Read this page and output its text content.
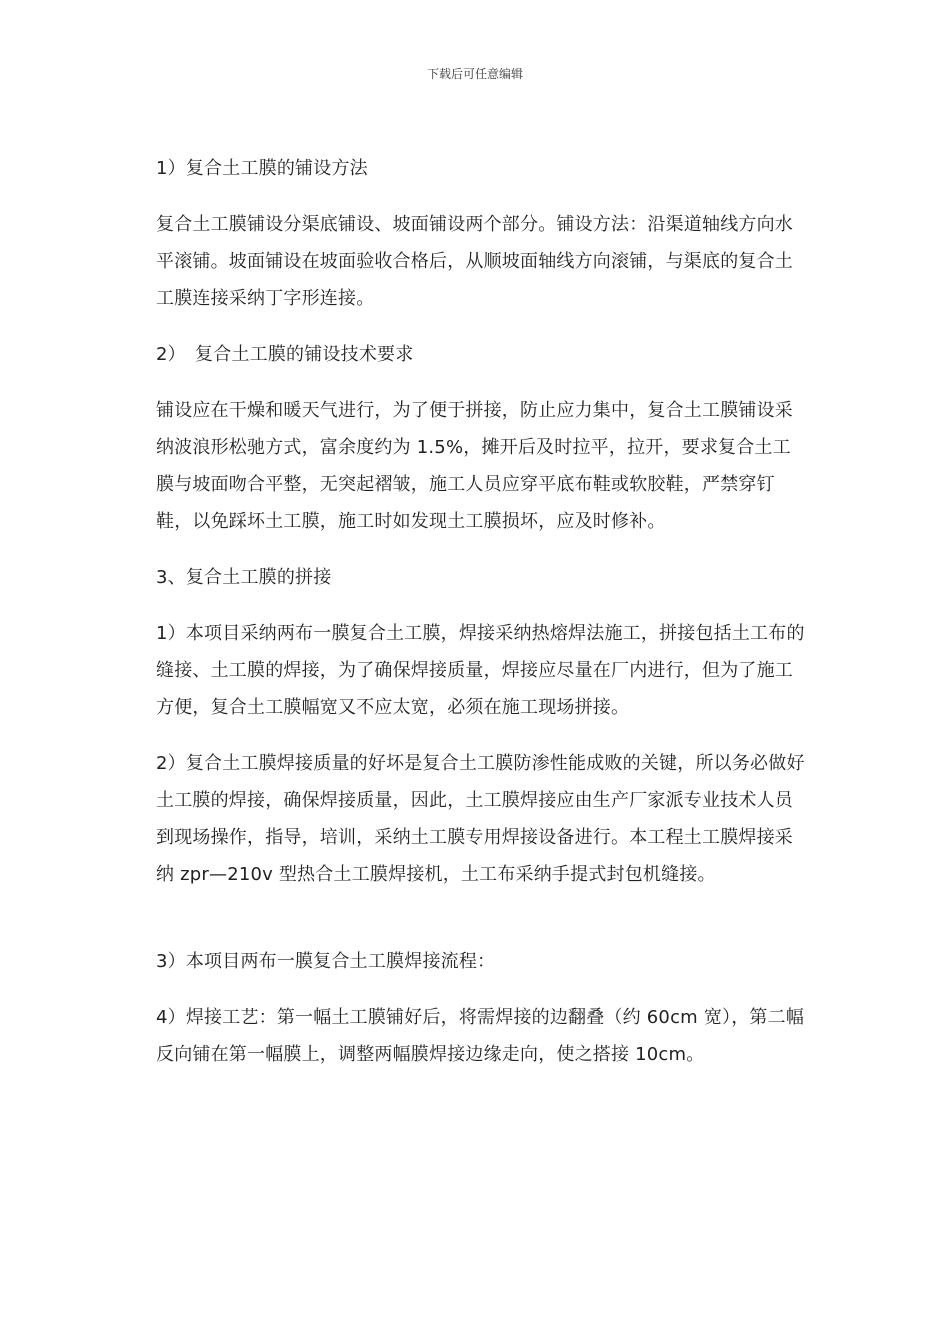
下载后可任意编辑

1）复合土工膜的铺设方法

复合土工膜铺设分渠底铺设、坡面铺设两个部分。铺设方法：沿渠道轴线方向水平滚铺。坡面铺设在坡面验收合格后，从顺坡面轴线方向滚铺，与渠底的复合土工膜连接采纳丁字形连接。

2）　复合土工膜的铺设技术要求

铺设应在干燥和暖天气进行，为了便于拼接，防止应力集中，复合土工膜铺设采纳波浪形松驰方式，富余度约为 1.5%，摊开后及时拉平，拉开，要求复合土工膜与坡面吻合平整，无突起褶皱，施工人员应穿平底布鞋或软胶鞋，严禁穿钉鞋，以免踩坏土工膜，施工时如发现土工膜损坏，应及时修补。

3、复合土工膜的拼接

1）本项目采纳两布一膜复合土工膜，焊接采纳热熔焊法施工，拼接包括土工布的缝接、土工膜的焊接，为了确保焊接质量，焊接应尽量在厂内进行，但为了施工方便，复合土工膜幅宽又不应太宽，必须在施工现场拼接。

2）复合土工膜焊接质量的好坏是复合土工膜防渗性能成败的关键，所以务必做好土工膜的焊接，确保焊接质量，因此，土工膜焊接应由生产厂家派专业技术人员到现场操作，指导，培训，采纳土工膜专用焊接设备进行。本工程土工膜焊接采纳 zpr—210v 型热合土工膜焊接机，土工布采纳手提式封包机缝接。

3）本项目两布一膜复合土工膜焊接流程：

4）焊接工艺：第一幅土工膜铺好后，将需焊接的边翻叠（约 60cm 宽），第二幅反向铺在第一幅膜上，调整两幅膜焊接边缘走向，使之搭接 10cm。
